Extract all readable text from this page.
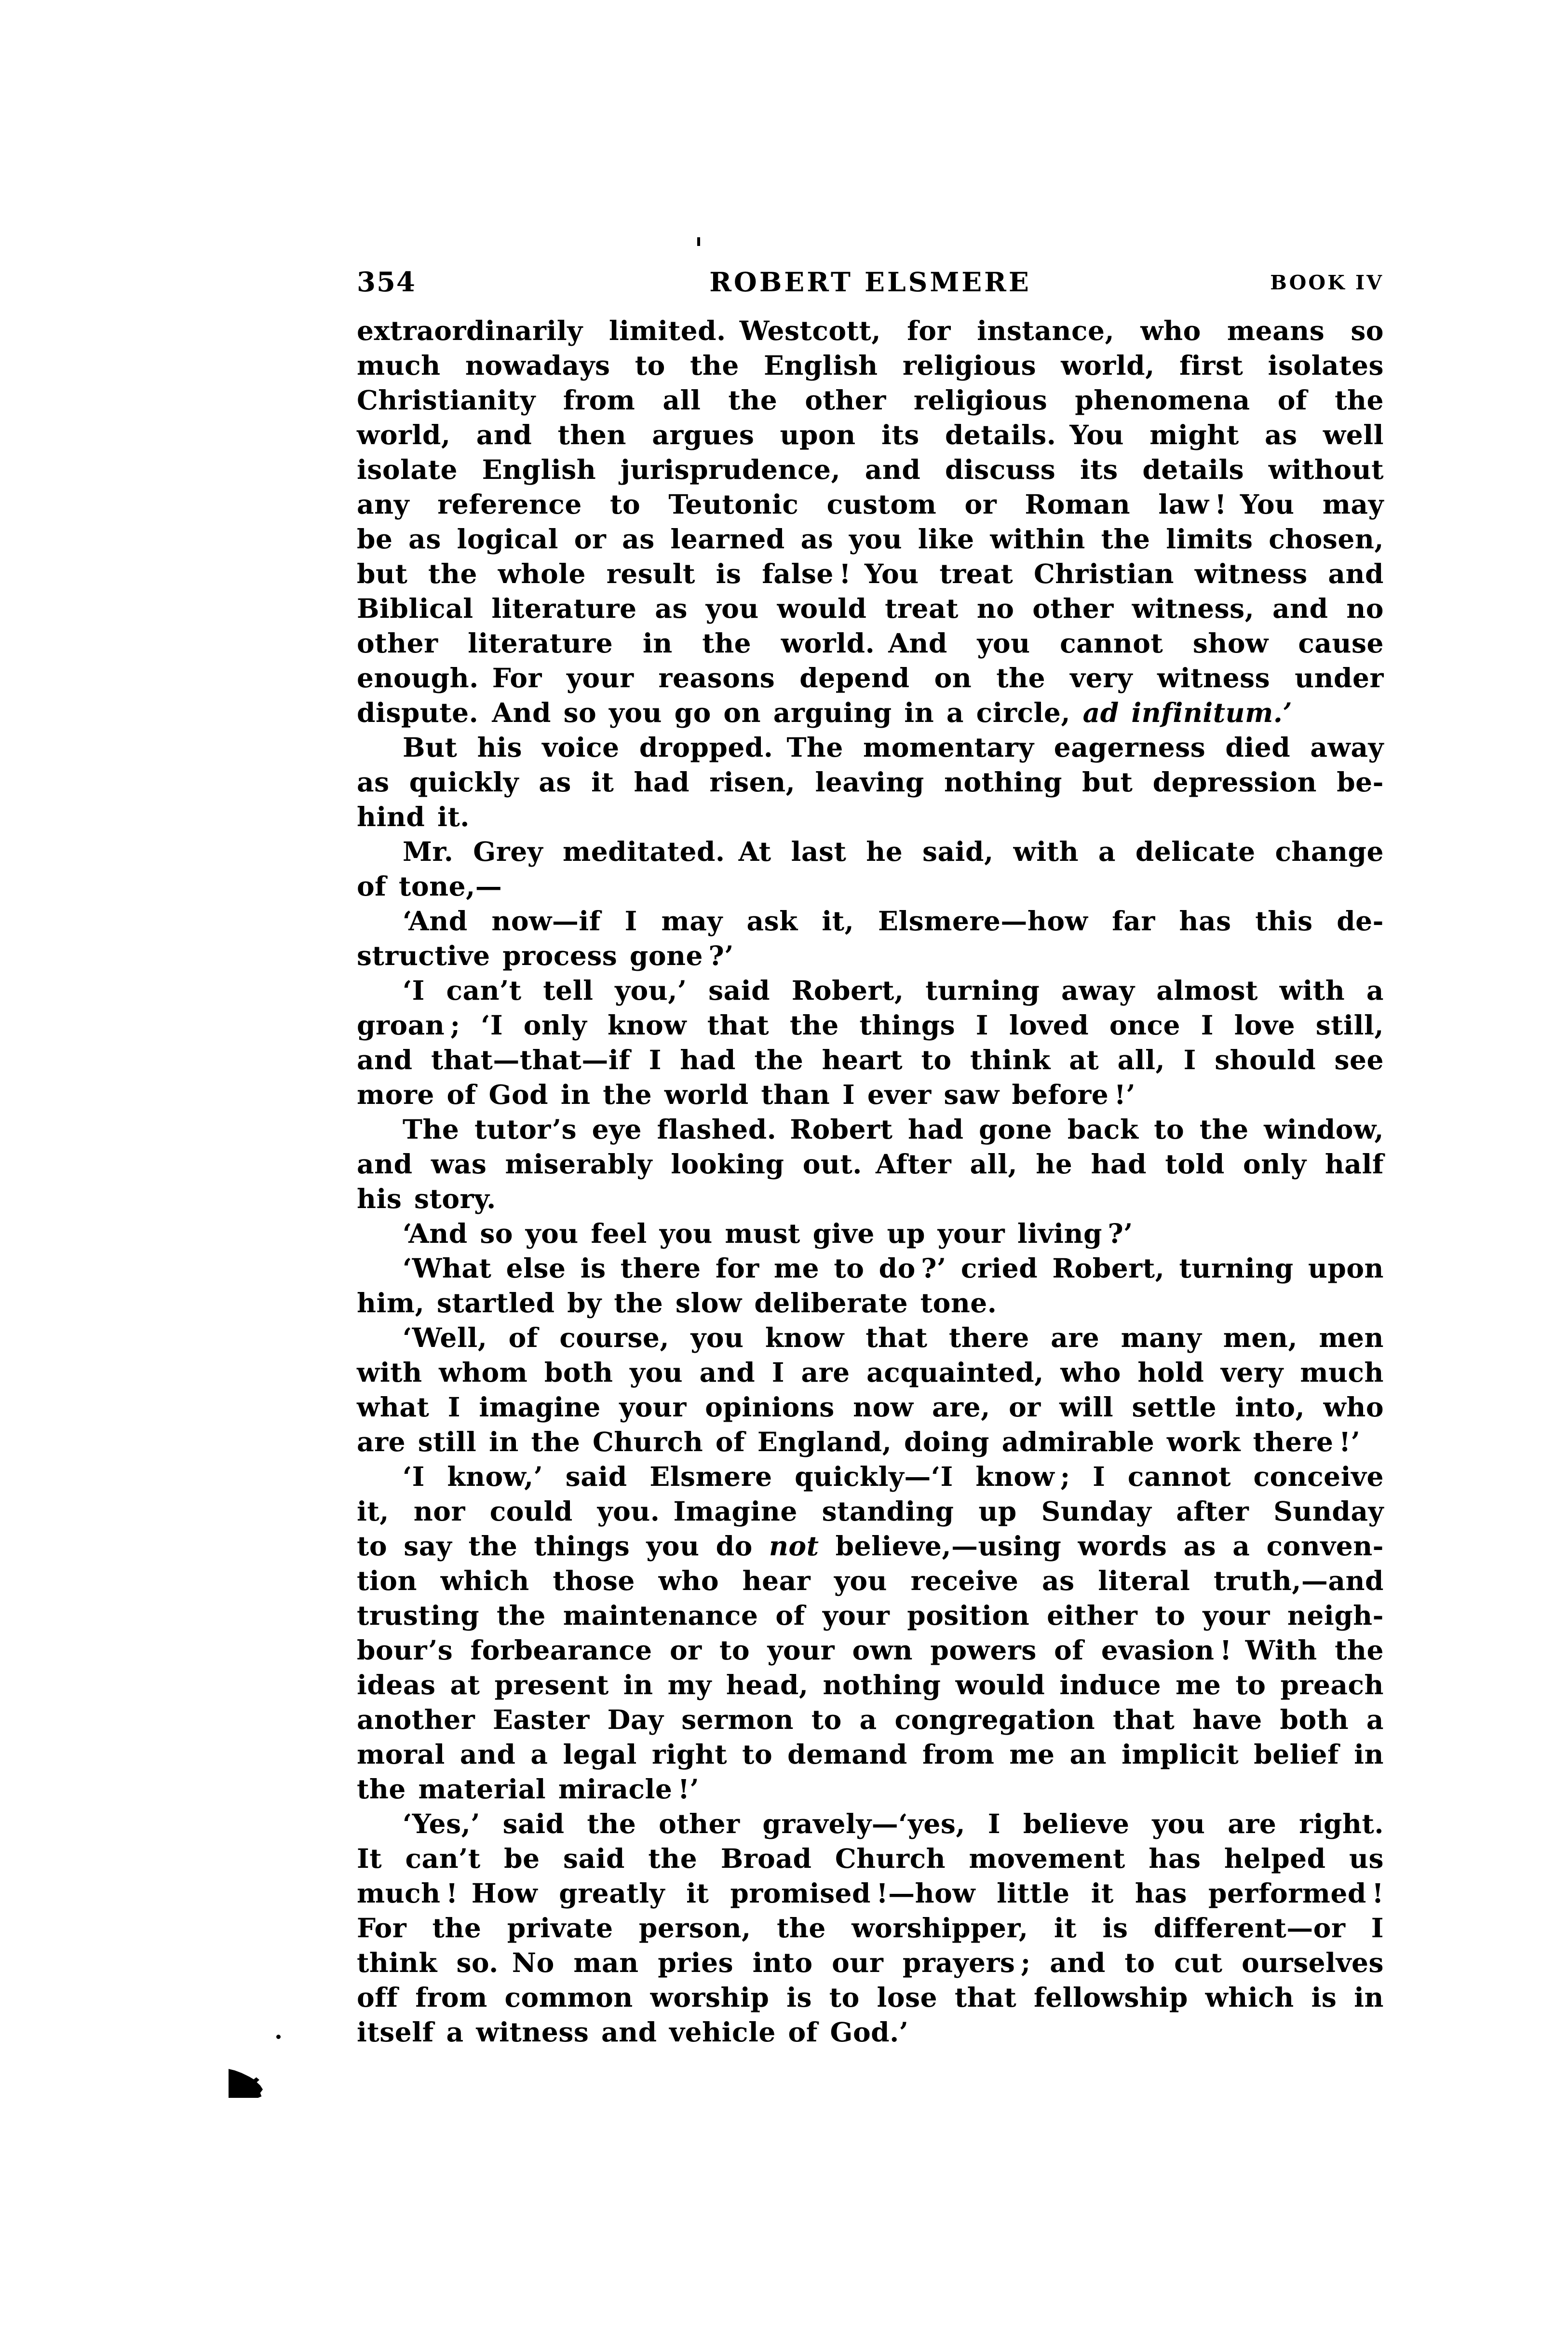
354	ROBERT ELSMERE	BOOK IV
extraordinarily limited. Westcott, for instance, who means so
much nowadays to the English religious world, first isolates
Christianity from all the other religious phenomena of the
world, and then argues upon its details. You might as well
isolate English jurisprudence, and discuss its details without
any reference to Teutonic custom or Roman law ! You may
be as logical or as learned as you like within the limits chosen,
but the whole result is false ! You treat Christian witness and
Biblical literature as you would treat no other witness, and no
other literature in the world. And you cannot show cause
enough. For your reasons depend on the very witness under
dispute. And so you go on arguing in a circle, ad infinitum.’
But his voice dropped. The momentary eagerness died away
as quickly as it had risen, leaving nothing but depression be-
hind it.
Mr. Grey meditated. At last he said, with a delicate change
of tone,—
‘And now—if I may ask it, Elsmere—how far has this de-
structive process gone ?’
‘I can’t tell you,’ said Robert, turning away almost with a
groan ; ‘I only know that the things I loved once I love still,
and that—that—if I had the heart to think at all, I should see
more of God in the world than I ever saw before !’
The tutor’s eye flashed. Robert had gone back to the window,
and was miserably looking out. After all, he had told only half
his story.
‘And so you feel you must give up your living ?’
‘What else is there for me to do ?’ cried Robert, turning upon
him, startled by the slow deliberate tone.
‘Well, of course, you know that there are many men, men
with whom both you and I are acquainted, who hold very much
what I imagine your opinions now are, or will settle into, who
are still in the Church of England, doing admirable work there !’
‘I know,’ said Elsmere quickly—‘I know ; I cannot conceive
it, nor could you. Imagine standing up Sunday after Sunday
to say the things you do not believe,—using words as a conven-
tion which those who hear you receive as literal truth,—and
trusting the maintenance of your position either to your neigh-
bour’s forbearance or to your own powers of evasion ! With the
ideas at present in my head, nothing would induce me to preach
another Easter Day sermon to a congregation that have both a
moral and a legal right to demand from me an implicit belief in
the material miracle !’
‘Yes,’ said the other gravely—‘yes, I believe you are right.
It can’t be said the Broad Church movement has helped us
much ! How greatly it promised !—how little it has performed !
For the private person, the worshipper, it is different—or I
think so. No man pries into our prayers ; and to cut ourselves
off from common worship is to lose that fellowship which is in
itself a witness and vehicle of God.’
